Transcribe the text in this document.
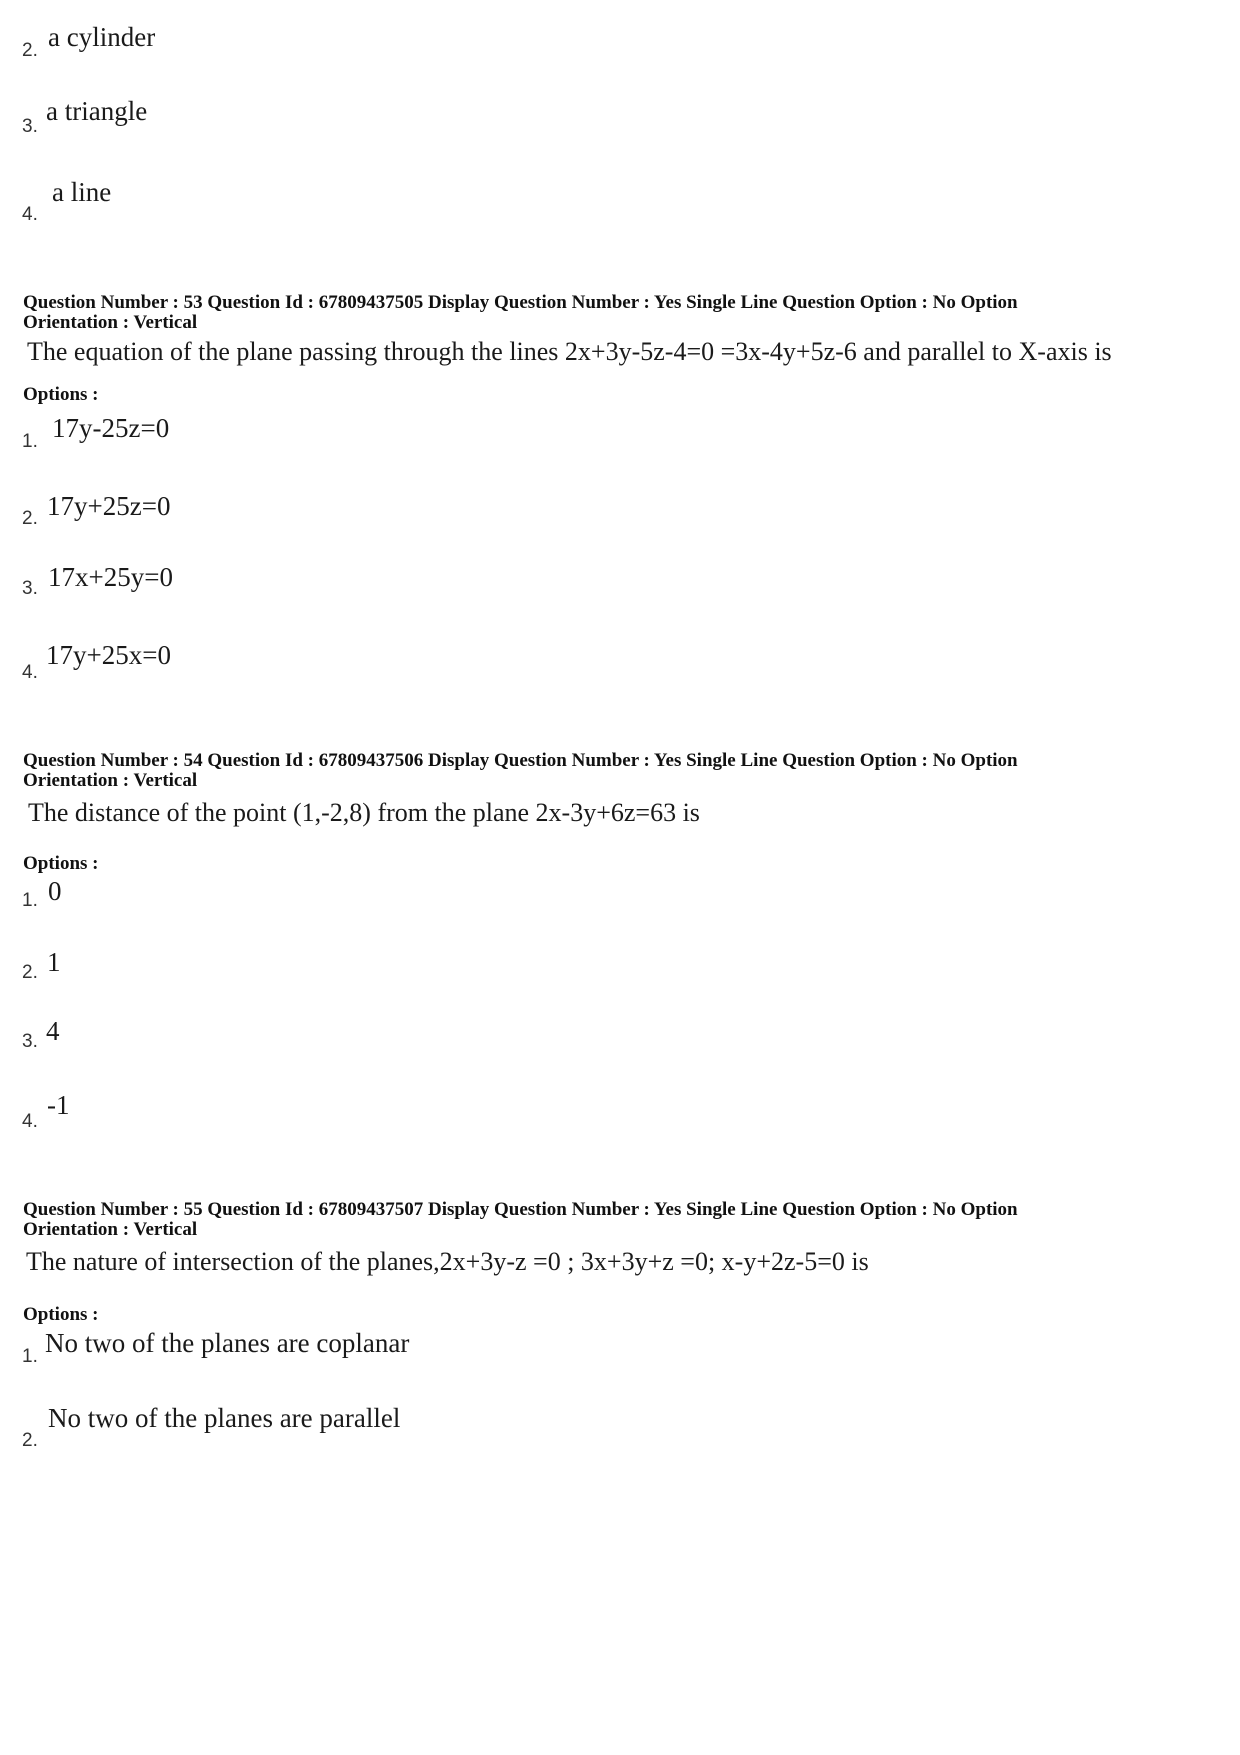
2. a cylinder
3.
a triangle
4.
a line
Question Number : 53 Question Id : 67809437505 Display Question Number : Yes Single Line Question Option : No Option
Orientation : Vertical
The equation of the plane passing through the lines 2x+3y-5z-4=0 =3x-4y+5z-6 and parallel to X-axis is
Options :
1. 17y-25z=0
2. 17y+25z=0
3. 17x+25y=0
4.
17y+25x=0
Question Number : 54 Question Id : 67809437506 Display Question Number : Yes Single Line Question Option : No Option
Orientation : Vertical
The distance of the point (1,-2,8) from the plane 2x-3y+6z=63 is
Options :
1. 0
2. 1
3. 4
4.
-1
Question Number : 55 Question Id : 67809437507 Display Question Number : Yes Single Line Question Option : No Option
Orientation : Vertical
The nature of intersection of the planes,2x+3y-z =0 ; 3x+3y+z =0; x-y+2z-5=0 is
Options :
1. No two of the planes are coplanar
2.
No two of the planes are parallel
